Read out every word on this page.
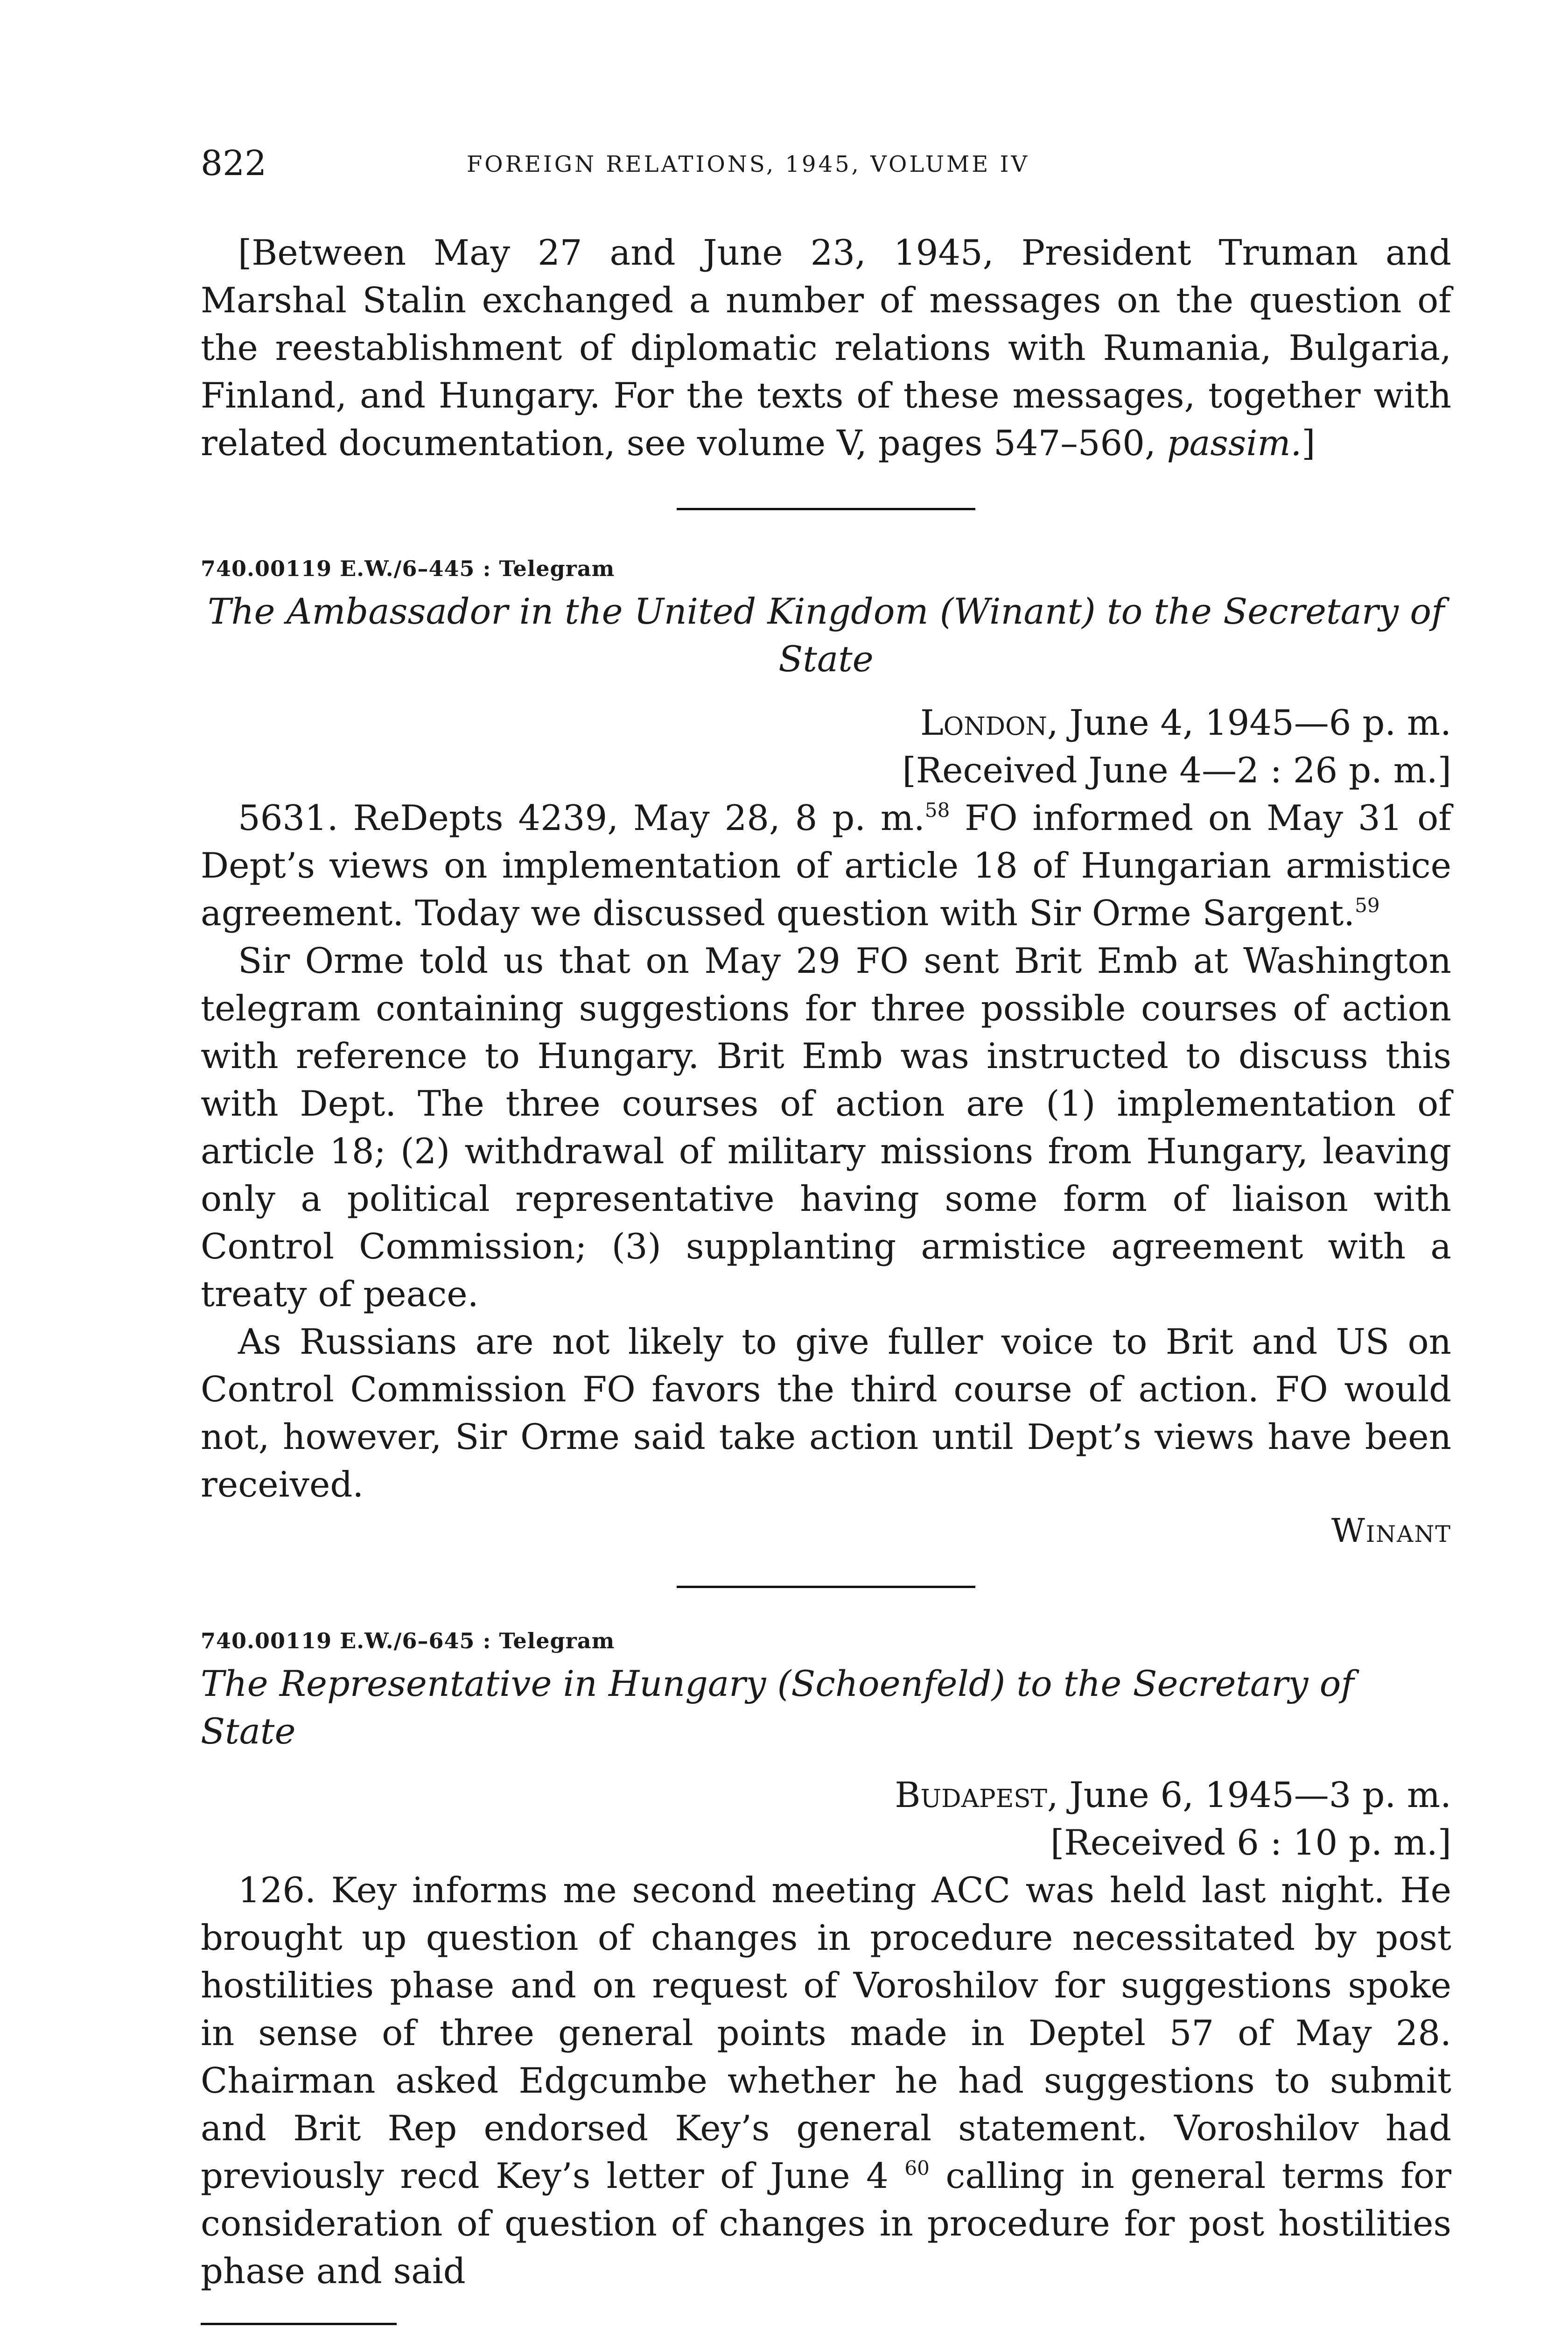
822	FOREIGN RELATIONS, 1945, VOLUME IV

[Between May 27 and June 23, 1945, President Truman and Marshal Stalin exchanged a number of messages on the question of the reestablishment of diplomatic relations with Rumania, Bulgaria, Finland, and Hungary. For the texts of these messages, together with related documentation, see volume V, pages 547–560, passim.]

740.00119 E.W./6–445 : Telegram
The Ambassador in the United Kingdom (Winant) to the Secretary of State
London, June 4, 1945—6 p. m.
[Received June 4—2 : 26 p. m.]

5631. ReDepts 4239, May 28, 8 p. m.$^{58}$ FO informed on May 31 of Dept’s views on implementation of article 18 of Hungarian armistice agreement. Today we discussed question with Sir Orme Sargent.$^{59}$

Sir Orme told us that on May 29 FO sent Brit Emb at Washington telegram containing suggestions for three possible courses of action with reference to Hungary. Brit Emb was instructed to discuss this with Dept. The three courses of action are (1) implementation of article 18; (2) withdrawal of military missions from Hungary, leaving only a political representative having some form of liaison with Control Commission; (3) supplanting armistice agreement with a treaty of peace.

As Russians are not likely to give fuller voice to Brit and US on Control Commission FO favors the third course of action. FO would not, however, Sir Orme said take action until Dept’s views have been received.

Winant
740.00119 E.W./6–645 : Telegram
The Representative in Hungary (Schoenfeld) to the Secretary of State
Budapest, June 6, 1945—3 p. m.
[Received 6 : 10 p. m.]

126. Key informs me second meeting ACC was held last night. He brought up question of changes in procedure necessitated by post hostilities phase and on request of Voroshilov for suggestions spoke in sense of three general points made in Deptel 57 of May 28. Chairman asked Edgcumbe whether he had suggestions to submit and Brit Rep endorsed Key’s general statement. Voroshilov had previously recd Key’s letter of June 4 $^{60}$ calling in general terms for consideration of question of changes in procedure for post hostilities phase and said
